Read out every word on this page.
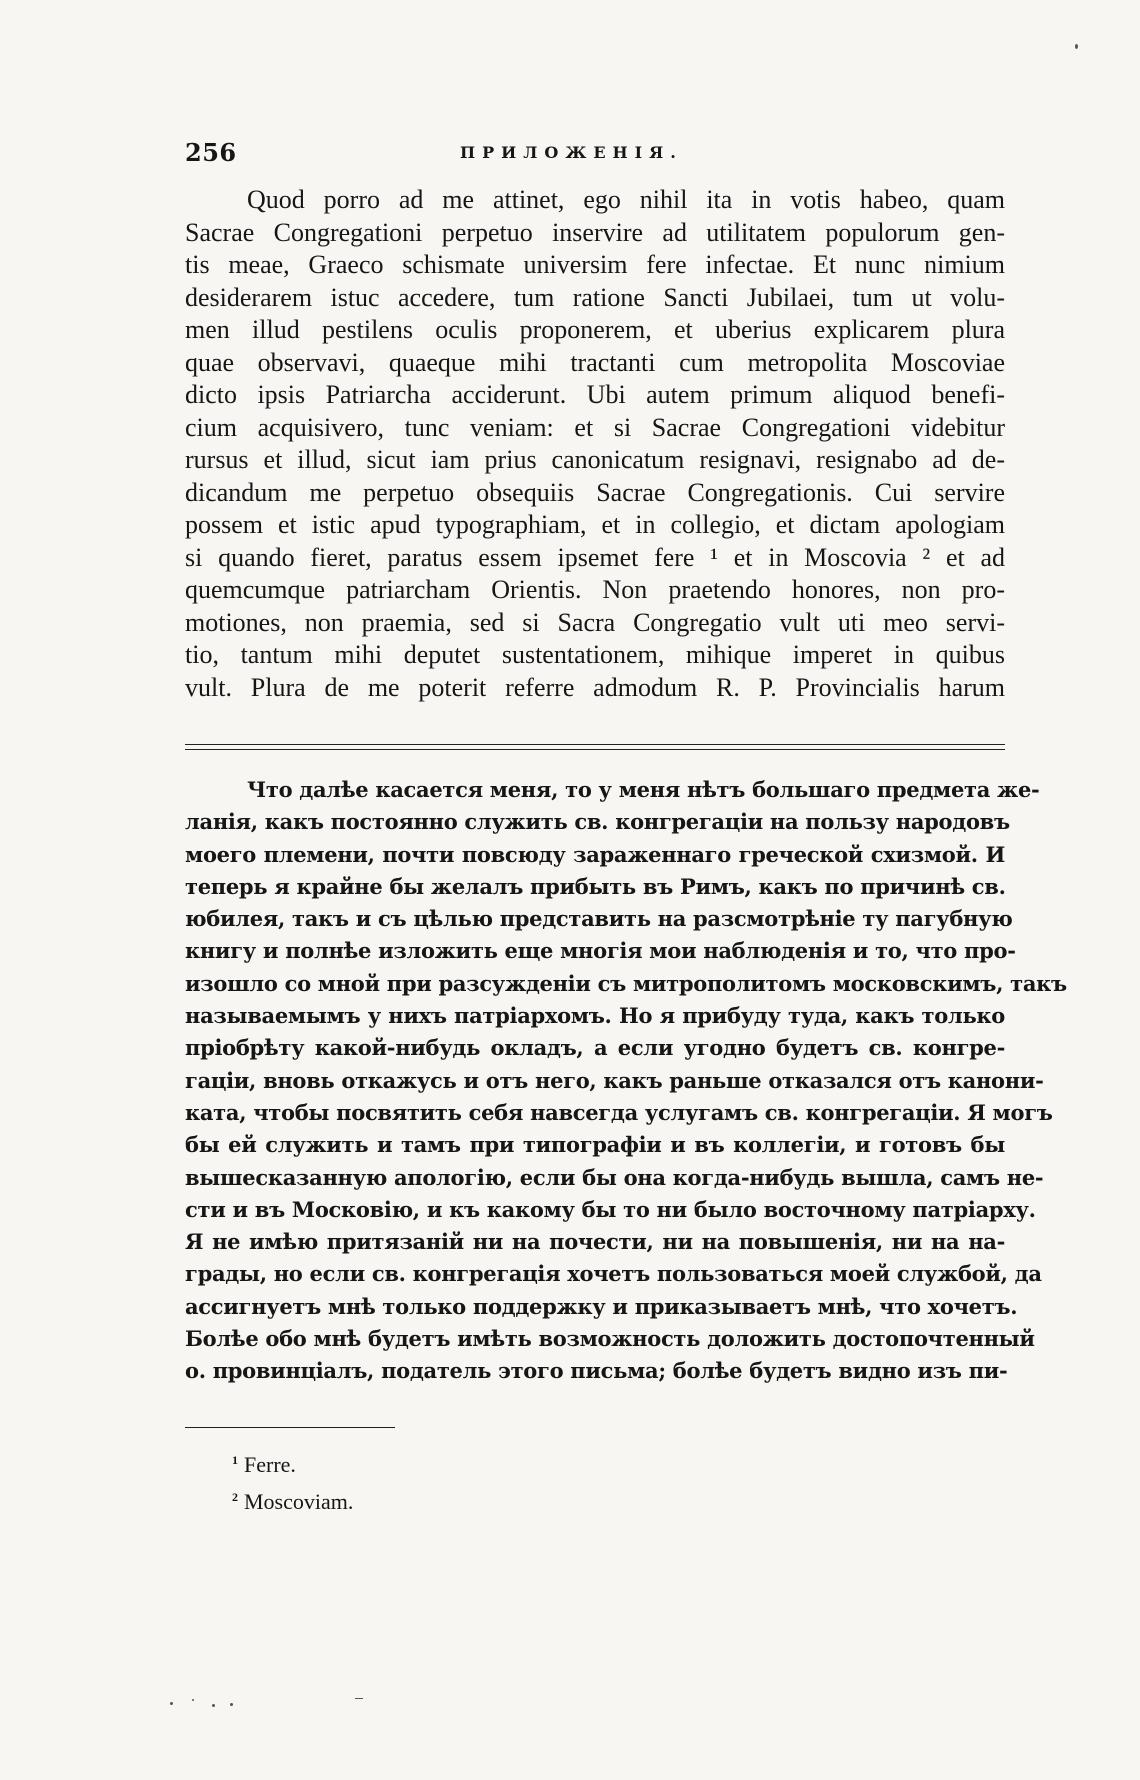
256	ПРИЛОЖЕНІЯ.
Quod porro ad me attinet, ego nihil ita in votis habeo, quam
Sacrae Congregationi perpetuo inservire ad utilitatem populorum gen-
tis meae, Graeco schismate universim fere infectae. Et nunc nimium
desiderarem istuc accedere, tum ratione Sancti Jubilaei, tum ut volu-
men illud pestilens oculis proponerem, et uberius explicarem plura
quae observavi, quaeque mihi tractanti cum metropolita Moscoviae
dicto ipsis Patriarcha acciderunt. Ubi autem primum aliquod benefi-
cium acquisivero, tunc veniam: et si Sacrae Congregationi videbitur
rursus et illud, sicut iam prius canonicatum resignavi, resignabo ad de-
dicandum me perpetuo obsequiis Sacrae Congregationis. Cui servire
possem et istic apud typographiam, et in collegio, et dictam apologiam
si quando fieret, paratus essem ipsemet fere ¹ et in Moscovia ² et ad
quemcumque patriarcham Orientis. Non praetendo honores, non pro-
motiones, non praemia, sed si Sacra Congregatio vult uti meo servi-
tio, tantum mihi deputet sustentationem, mihique imperet in quibus
vult. Plura de me poterit referre admodum R. P. Provincialis harum
Что далѣе касается меня, то у меня нѣтъ большаго предмета же-
ланія, какъ постоянно служить св. конгрегаціи на пользу народовъ
моего племени, почти повсюду зараженнаго греческой схизмой. И
теперь я крайне бы желалъ прибыть въ Римъ, какъ по причинѣ св.
юбилея, такъ и съ цѣлью представить на разсмотрѣніе ту пагубную
книгу и полнѣе изложить еще многія мои наблюденія и то, что про-
изошло со мной при разсужденіи съ митрополитомъ московскимъ, такъ
называемымъ у нихъ патріархомъ. Но я прибуду туда, какъ только
пріобрѣту какой-нибудь окладъ, а если угодно будетъ св. конгре-
гаціи, вновь откажусь и отъ него, какъ раньше отказался отъ канони-
ката, чтобы посвятить себя навсегда услугамъ св. конгрегаціи. Я могъ
бы ей служить и тамъ при типографіи и въ коллегіи, и готовъ бы
вышесказанную апологію, если бы она когда-нибудь вышла, самъ не-
сти и въ Московію, и къ какому бы то ни было восточному патріарху.
Я не имѣю притязаній ни на почести, ни на повышенія, ни на на-
грады, но если св. конгрегація хочетъ пользоваться моей службой, да
ассигнуетъ мнѣ только поддержку и приказываетъ мнѣ, что хочетъ.
Болѣе обо мнѣ будетъ имѣть возможность доложить достопочтенный
о. провинціалъ, податель этого письма; болѣе будетъ видно изъ пи-
$^1$ Ferre.
$^2$ Moscoviam.
